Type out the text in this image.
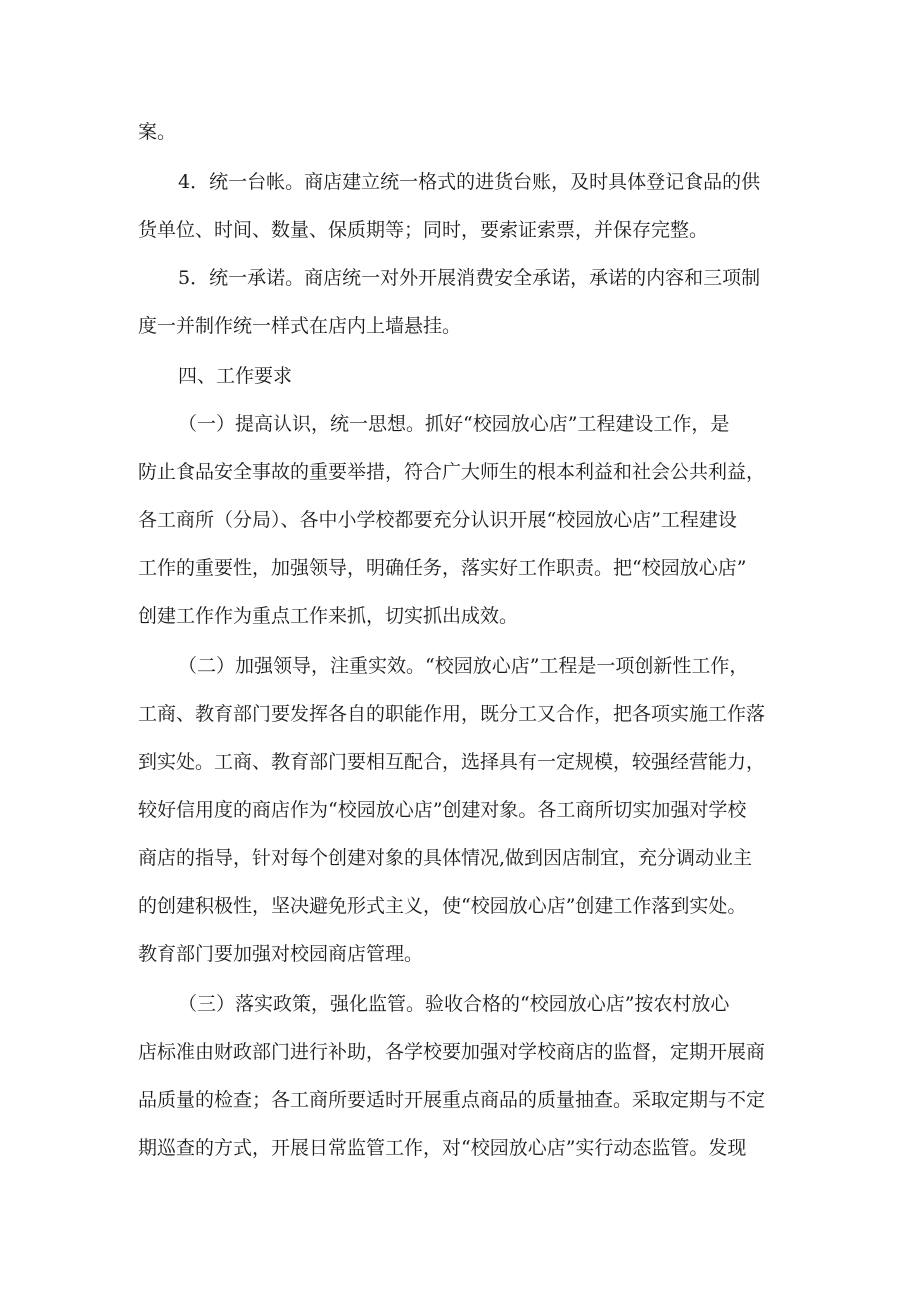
案。
4．统一台帐。商店建立统一格式的进货台账，及时具体登记食品的供
货单位、时间、数量、保质期等；同时，要索证索票，并保存完整。
5．统一承诺。商店统一对外开展消费安全承诺，承诺的内容和三项制
度一并制作统一样式在店内上墙悬挂。
四、工作要求
（一）提高认识，统一思想。抓好“校园放心店”工程建设工作，是
防止食品安全事故的重要举措，符合广大师生的根本利益和社会公共利益，
各工商所（分局）、各中小学校都要充分认识开展“校园放心店”工程建设
工作的重要性，加强领导，明确任务，落实好工作职责。把“校园放心店”
创建工作作为重点工作来抓，切实抓出成效。
（二）加强领导，注重实效。“校园放心店”工程是一项创新性工作，
工商、教育部门要发挥各自的职能作用，既分工又合作，把各项实施工作落
到实处。工商、教育部门要相互配合，选择具有一定规模，较强经营能力，
较好信用度的商店作为“校园放心店”创建对象。各工商所切实加强对学校
商店的指导，针对每个创建对象的具体情况,做到因店制宜，充分调动业主
的创建积极性，坚决避免形式主义，使“校园放心店”创建工作落到实处。
教育部门要加强对校园商店管理。
（三）落实政策，强化监管。验收合格的“校园放心店”按农村放心
店标准由财政部门进行补助，各学校要加强对学校商店的监督，定期开展商
品质量的检查；各工商所要适时开展重点商品的质量抽查。采取定期与不定
期巡查的方式，开展日常监管工作，对“校园放心店”实行动态监管。发现
